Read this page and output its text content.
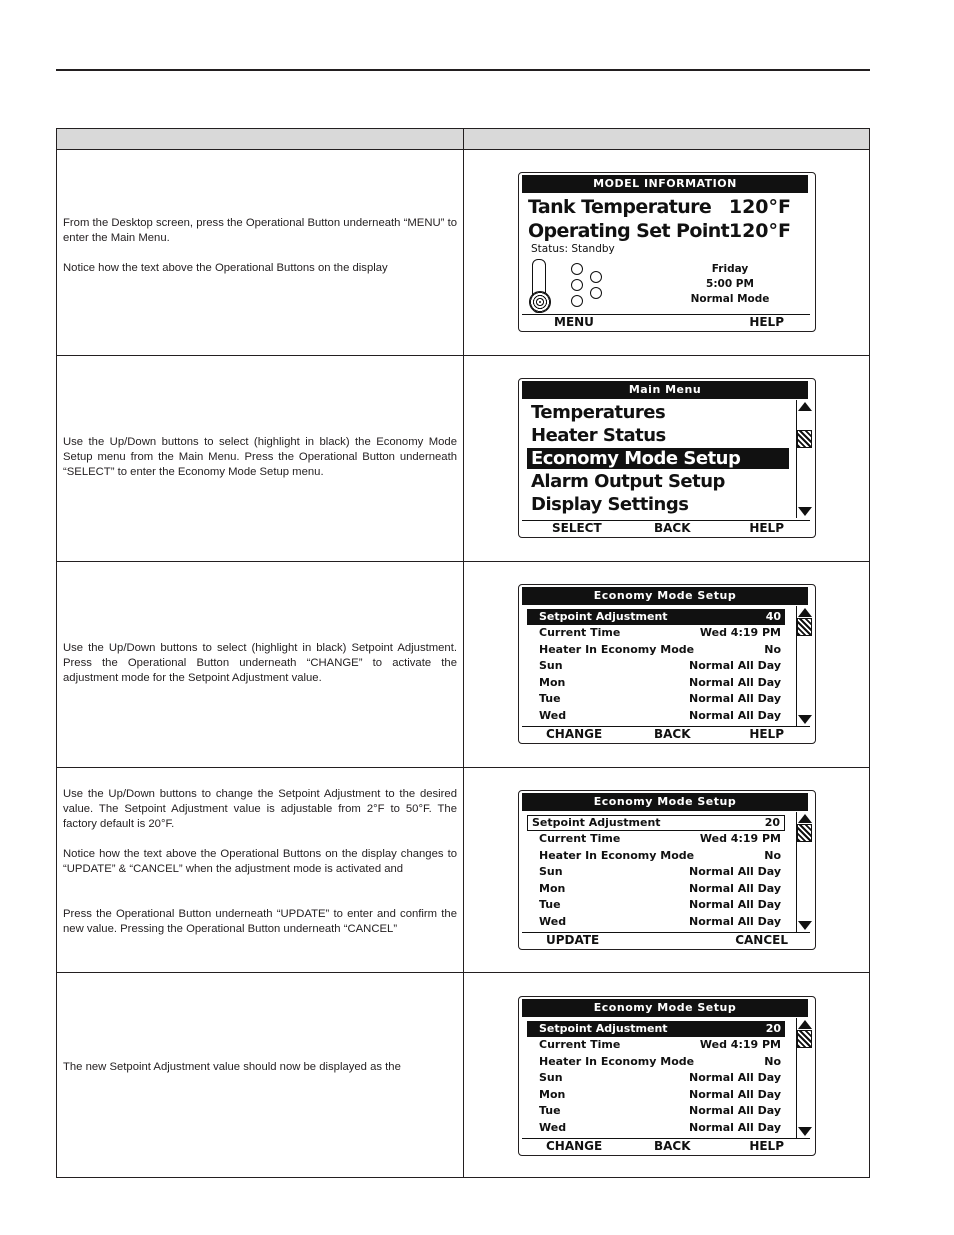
From the Desktop screen, press the Operational Button underneath “MENU” to enter the Main Menu.

Notice how the text above the Operational Buttons on the display

MODEL INFORMATION
Tank Temperature 120°F
Operating Set Point 120°F
Status: Standby
Friday
5:00 PM
Normal Mode
MENU	HELP

Use the Up/Down buttons to select (highlight in black) the Economy Mode Setup menu from the Main Menu. Press the Operational Button underneath “SELECT” to enter the Economy Mode Setup menu.

Main Menu
Temperatures
Heater Status
Economy Mode Setup
Alarm Output Setup
Display Settings
SELECT	BACK	HELP

Use the Up/Down buttons to select (highlight in black) Setpoint Adjustment. Press the Operational Button underneath “CHANGE” to activate the adjustment mode for the Setpoint Adjustment value.

Economy Mode Setup
Setpoint Adjustment	40
Current Time	Wed 4:19 PM
Heater In Economy Mode	No
Sun	Normal All Day
Mon	Normal All Day
Tue	Normal All Day
Wed	Normal All Day
CHANGE	BACK	HELP

Use the Up/Down buttons to change the Setpoint Adjustment to the desired value. The Setpoint Adjustment value is adjustable from 2°F to 50°F. The factory default is 20°F.

Notice how the text above the Operational Buttons on the display changes to “UPDATE” & “CANCEL” when the adjustment mode is activated and

Press the Operational Button underneath “UPDATE” to enter and confirm the new value. Pressing the Operational Button underneath “CANCEL”

Economy Mode Setup
Setpoint Adjustment	20
Current Time	Wed 4:19 PM
Heater In Economy Mode	No
Sun	Normal All Day
Mon	Normal All Day
Tue	Normal All Day
Wed	Normal All Day
UPDATE	CANCEL

The new Setpoint Adjustment value should now be displayed as the

Economy Mode Setup
Setpoint Adjustment	20
Current Time	Wed 4:19 PM
Heater In Economy Mode	No
Sun	Normal All Day
Mon	Normal All Day
Tue	Normal All Day
Wed	Normal All Day
CHANGE	BACK	HELP
